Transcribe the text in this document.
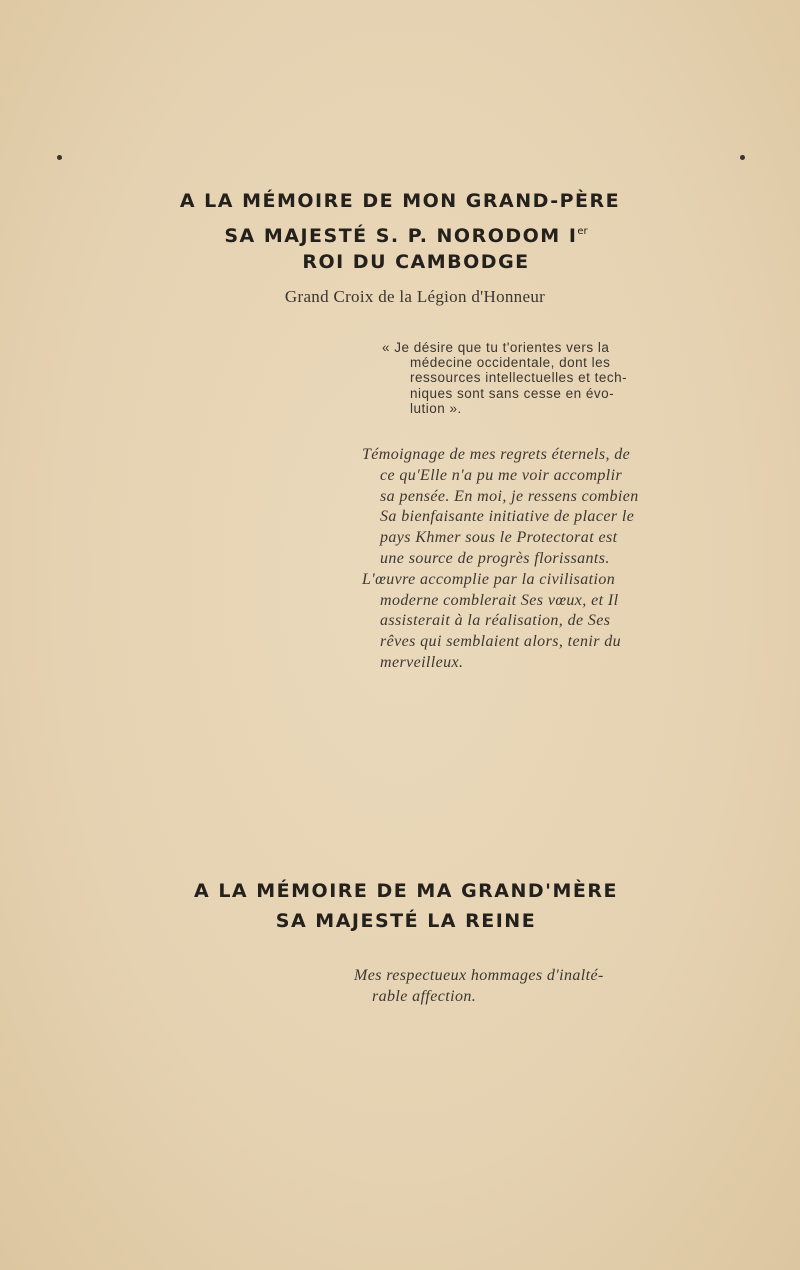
A LA MÉMOIRE DE MON GRAND-PÈRE
SA MAJESTÉ S. P. NORODOM Ier
ROI DU CAMBODGE
Grand Croix de la Légion d'Honneur
« Je désire que tu t'orientes vers la
médecine occidentale, dont les
ressources intellectuelles et tech-
niques sont sans cesse en évo-
lution ».
Témoignage de mes regrets éternels, de
ce qu'Elle n'a pu me voir accomplir
sa pensée. En moi, je ressens combien
Sa bienfaisante initiative de placer le
pays Khmer sous le Protectorat est
une source de progrès florissants.
L'œuvre accomplie par la civilisation
moderne comblerait Ses vœux, et Il
assisterait à la réalisation, de Ses
rêves qui semblaient alors, tenir du
merveilleux.
A LA MÉMOIRE DE MA GRAND'MÈRE
SA MAJESTÉ LA REINE
Mes respectueux hommages d'inalté-
rable affection.
